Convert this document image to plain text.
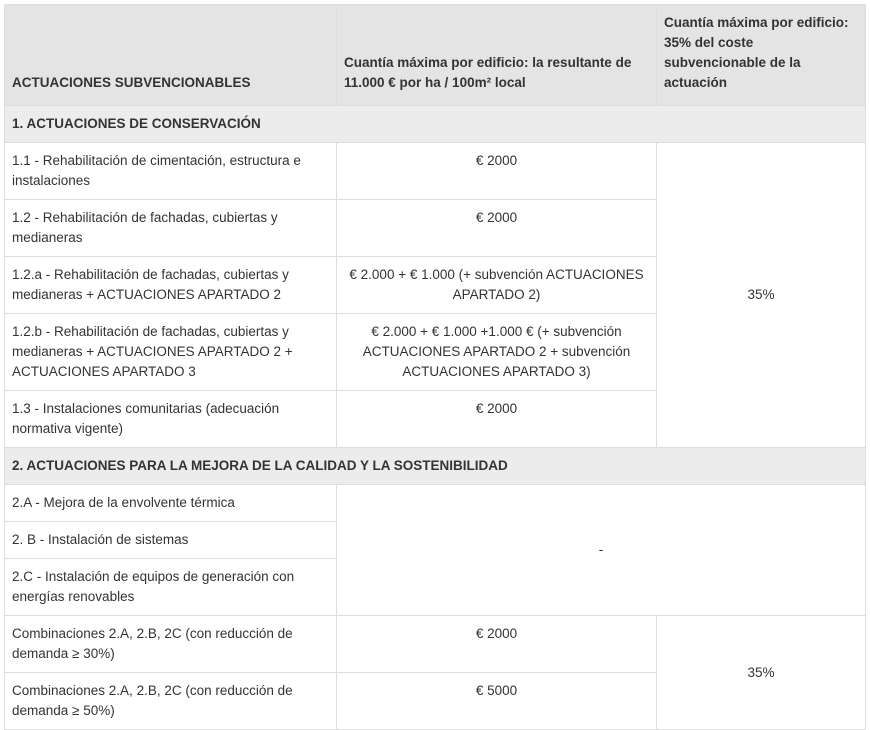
ACTUACIONES SUBVENCIONABLES	Cuantía máxima por edificio: la resultante de 11.000 € por ha / 100m² local	Cuantía máxima por edificio: 35% del coste subvencionable de la actuación
1. ACTUACIONES DE CONSERVACIÓN		
1.1 - Rehabilitación de cimentación, estructura e instalaciones	€ 2000	35%
1.2 - Rehabilitación de fachadas, cubiertas y medianeras	€ 2000	
1.2.a - Rehabilitación de fachadas, cubiertas y medianeras + ACTUACIONES APARTADO 2	€ 2.000 + € 1.000 (+ subvención ACTUACIONES APARTADO 2)	
1.2.b - Rehabilitación de fachadas, cubiertas y medianeras + ACTUACIONES APARTADO 2 + ACTUACIONES APARTADO 3	€ 2.000 + € 1.000 +1.000 € (+ subvención ACTUACIONES APARTADO 2 + subvención ACTUACIONES APARTADO 3)	
1.3 - Instalaciones comunitarias (adecuación normativa vigente)	€ 2000	
2. ACTUACIONES PARA LA MEJORA DE LA CALIDAD Y LA SOSTENIBILIDAD		
2.A - Mejora de la envolvente térmica	-	
2. B - Instalación de sistemas		
2.C - Instalación de equipos de generación con energías renovables		
Combinaciones 2.A, 2.B, 2C (con reducción de demanda ≥ 30%)	€ 2000	35%
Combinaciones 2.A, 2.B, 2C (con reducción de demanda ≥ 50%)	€ 5000	
